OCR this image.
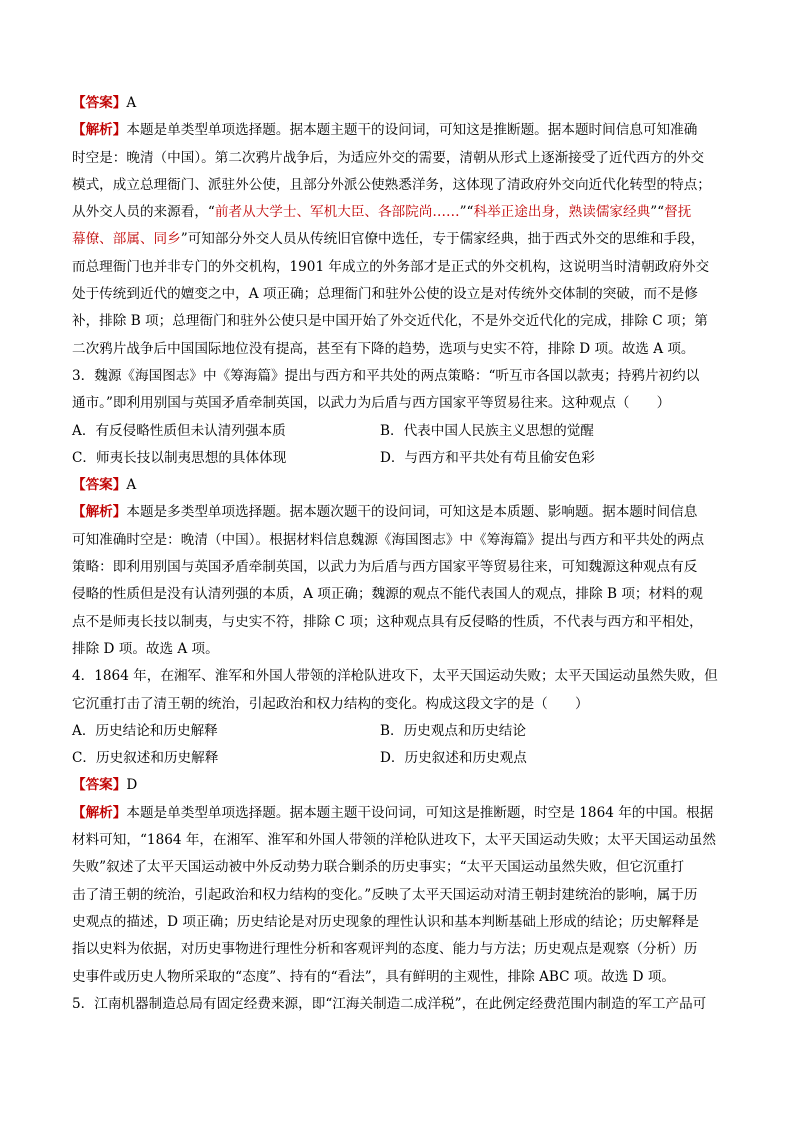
【答案】A
【解析】本题是单类型单项选择题。据本题主题干的设问词，可知这是推断题。据本题时间信息可知准确
时空是：晚清（中国）。第二次鸦片战争后，为适应外交的需要，清朝从形式上逐渐接受了近代西方的外交
模式，成立总理衙门、派驻外公使，且部分外派公使熟悉洋务，这体现了清政府外交向近代化转型的特点；
从外交人员的来源看，“前者从大学士、军机大臣、各部院尚……”“科举正途出身，熟读儒家经典”“督抚
幕僚、部属、同乡”可知部分外交人员从传统旧官僚中选任，专于儒家经典，拙于西式外交的思维和手段，
而总理衙门也并非专门的外交机构，1901 年成立的外务部才是正式的外交机构，这说明当时清朝政府外交
处于传统到近代的嬗变之中，A 项正确；总理衙门和驻外公使的设立是对传统外交体制的突破，而不是修
补，排除 B 项；总理衙门和驻外公使只是中国开始了外交近代化，不是外交近代化的完成，排除 C 项；第
二次鸦片战争后中国国际地位没有提高，甚至有下降的趋势，选项与史实不符，排除 D 项。故选 A 项。
3．魏源《海国图志》中《筹海篇》提出与西方和平共处的两点策略：“听互市各国以款夷；持鸦片初约以
通市。”即利用别国与英国矛盾牵制英国，以武力为后盾与西方国家平等贸易往来。这种观点（　　）
A．有反侵略性质但未认清列强本质	B．代表中国人民族主义思想的觉醒
C．师夷长技以制夷思想的具体体现	D．与西方和平共处有苟且偷安色彩
【答案】A
【解析】本题是多类型单项选择题。据本题次题干的设问词，可知这是本质题、影响题。据本题时间信息
可知准确时空是：晚清（中国）。根据材料信息魏源《海国图志》中《筹海篇》提出与西方和平共处的两点
策略：即利用别国与英国矛盾牵制英国，以武力为后盾与西方国家平等贸易往来，可知魏源这种观点有反
侵略的性质但是没有认清列强的本质，A 项正确；魏源的观点不能代表国人的观点，排除 B 项；材料的观
点不是师夷长技以制夷，与史实不符，排除 C 项；这种观点具有反侵略的性质，不代表与西方和平相处，
排除 D 项。故选 A 项。
4．1864 年，在湘军、淮军和外国人带领的洋枪队进攻下，太平天国运动失败；太平天国运动虽然失败，但
它沉重打击了清王朝的统治，引起政治和权力结构的变化。构成这段文字的是（　　）
A．历史结论和历史解释	B．历史观点和历史结论
C．历史叙述和历史解释	D．历史叙述和历史观点
【答案】D
【解析】本题是单类型单项选择题。据本题主题干设问词，可知这是推断题，时空是 1864 年的中国。根据
材料可知，“1864 年，在湘军、淮军和外国人带领的洋枪队进攻下，太平天国运动失败；太平天国运动虽然
失败”叙述了太平天国运动被中外反动势力联合剿杀的历史事实；“太平天国运动虽然失败，但它沉重打
击了清王朝的统治，引起政治和权力结构的变化。”反映了太平天国运动对清王朝封建统治的影响，属于历
史观点的描述，D 项正确；历史结论是对历史现象的理性认识和基本判断基础上形成的结论；历史解释是
指以史料为依据，对历史事物进行理性分析和客观评判的态度、能力与方法；历史观点是观察（分析）历
史事件或历史人物所采取的“态度”、持有的“看法”，具有鲜明的主观性，排除 ABC 项。故选 D 项。
5．江南机器制造总局有固定经费来源，即“江海关制造二成洋税”，在此例定经费范围内制造的军工产品可
